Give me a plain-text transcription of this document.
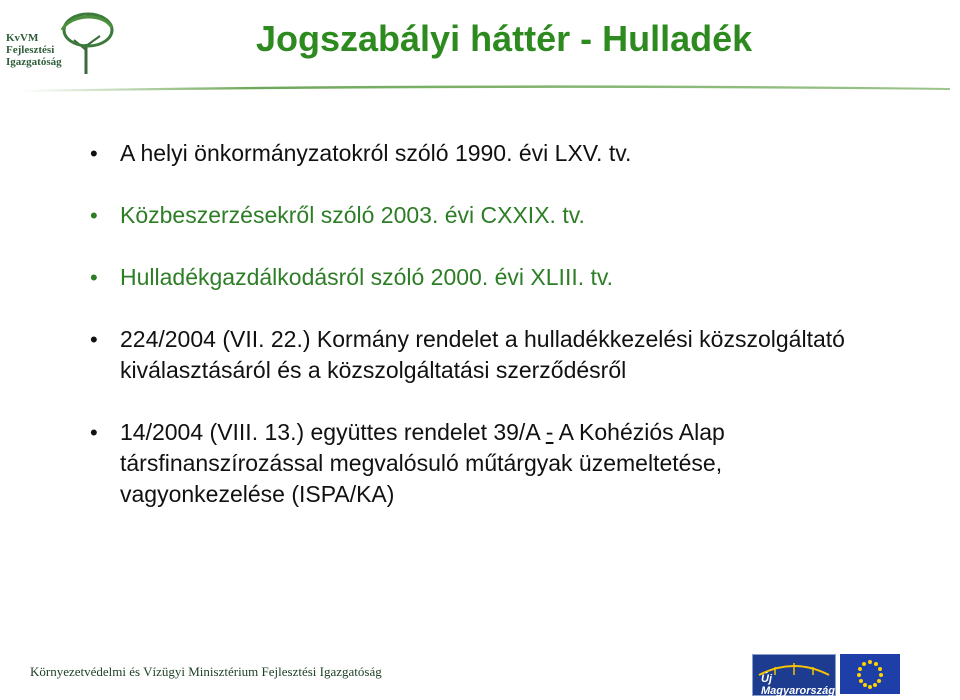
KvVM
Fejlesztési
Igazgatóság
Jogszabályi háttér - Hulladék
• A helyi önkormányzatokról szóló 1990. évi LXV. tv.
• Közbeszerzésekről szóló 2003. évi CXXIX. tv.
• Hulladékgazdálkodásról szóló 2000. évi XLIII. tv.
• 224/2004 (VII. 22.) Kormány rendelet a hulladékkezelési közszolgáltató kiválasztásáról és a közszolgáltatási szerződésről
• 14/2004 (VIII. 13.) együttes rendelet 39/A - A Kohéziós Alap társfinanszírozással megvalósuló műtárgyak üzemeltetése, vagyonkezelése (ISPA/KA)
Környezetvédelmi és Vízügyi Minisztérium Fejlesztési Igazgatóság	Új Magyarország
